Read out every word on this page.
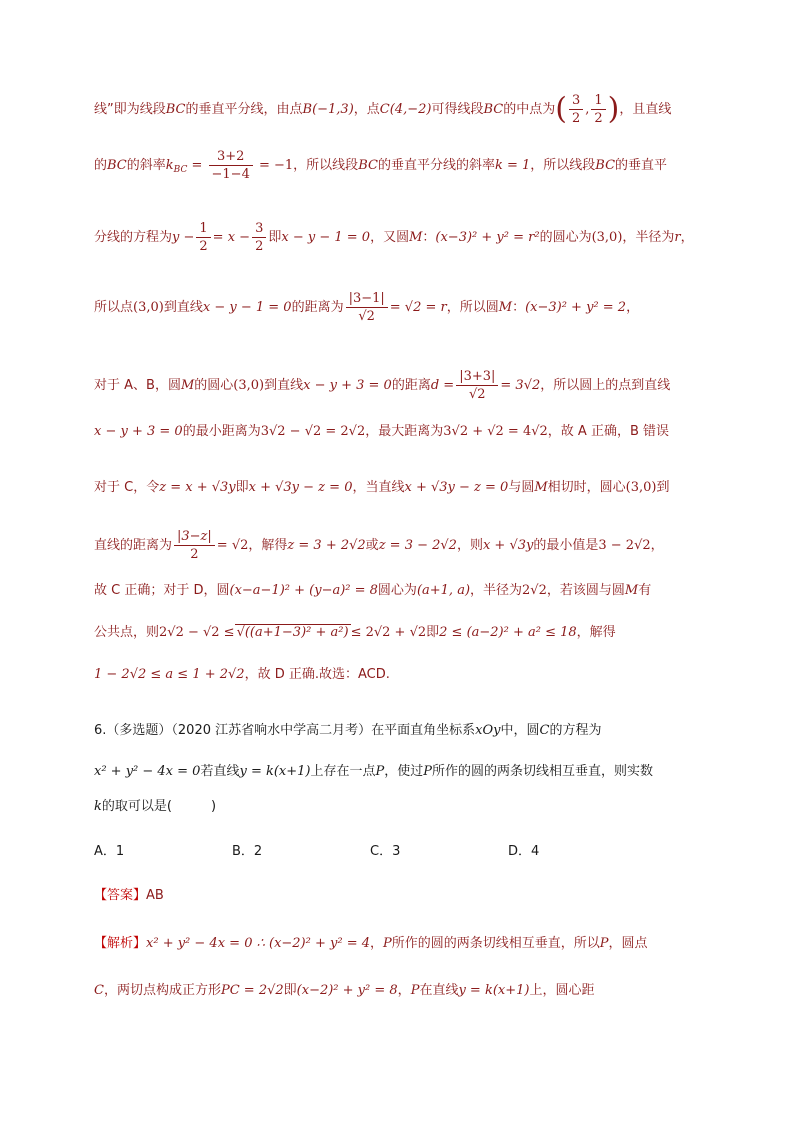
线”即为线段BC的垂直平分线，由点B(−1,3)，点C(4,−2)可得线段BC的中点为( $\frac{3}{2}$ , $\frac{1}{2}$ )，且直线
的BC的斜率$k_{BC} = \frac{3+2}{-1-4} = -1$，所以线段BC的垂直平分线的斜率k = 1，所以线段BC的垂直平
分线的方程为$y - \frac{1}{2} = x - \frac{3}{2}$ 即x − y − 1 = 0，又圆M：(x−3)² + y² = r²的圆心为(3,0)，半径为r，
所以点(3,0)到直线x − y − 1 = 0的距离为 $\frac{|3-1|}{√2} = √2 = r$，所以圆M：(x−3)² + y² = 2，
对于 A、B，圆M的圆心(3,0)到直线x − y + 3 = 0的距离$d = \frac{|3+3|}{√2} = 3√2$，所以圆上的点到直线
x − y + 3 = 0的最小距离为3√2 − √2 = 2√2，最大距离为3√2 + √2 = 4√2，故 A 正确，B 错误
对于 C，令z = x + √3y即x + √3y − z = 0，当直线x + √3y − z = 0与圆M相切时，圆心(3,0)到
直线的距离为 $\frac{|3-z|}{2} = √2$，解得z = 3 + 2√2或z = 3 − 2√2，则x + √3y的最小值是3 − 2√2，
故 C 正确；对于 D，圆(x−a−1)² + (y−a)² = 8圆心为(a+1, a)，半径为2√2，若该圆与圆M有
公共点，则2√2 − √2 ≤ √((a+1−3)² + a²) ≤ 2√2 + √2即2 ≤ (a−2)² + a² ≤ 18，解得
1 − 2√2 ≤ a ≤ 1 + 2√2，故 D 正确.故选：ACD.
6.（多选题）（2020 江苏省响水中学高二月考）在平面直角坐标系xOy中，圆C的方程为
x² + y² − 4x = 0若直线y = k(x+1)上存在一点P，使过P所作的圆的两条切线相互垂直，则实数
k的取可以是(　　　)
A．1	B．2	C．3	D．4
【答案】AB
【解析】x² + y² − 4x = 0 ∴ (x−2)² + y² = 4，P所作的圆的两条切线相互垂直，所以P，圆点
C，两切点构成正方形PC = 2√2即(x−2)² + y² = 8，P在直线y = k(x+1)上，圆心距
